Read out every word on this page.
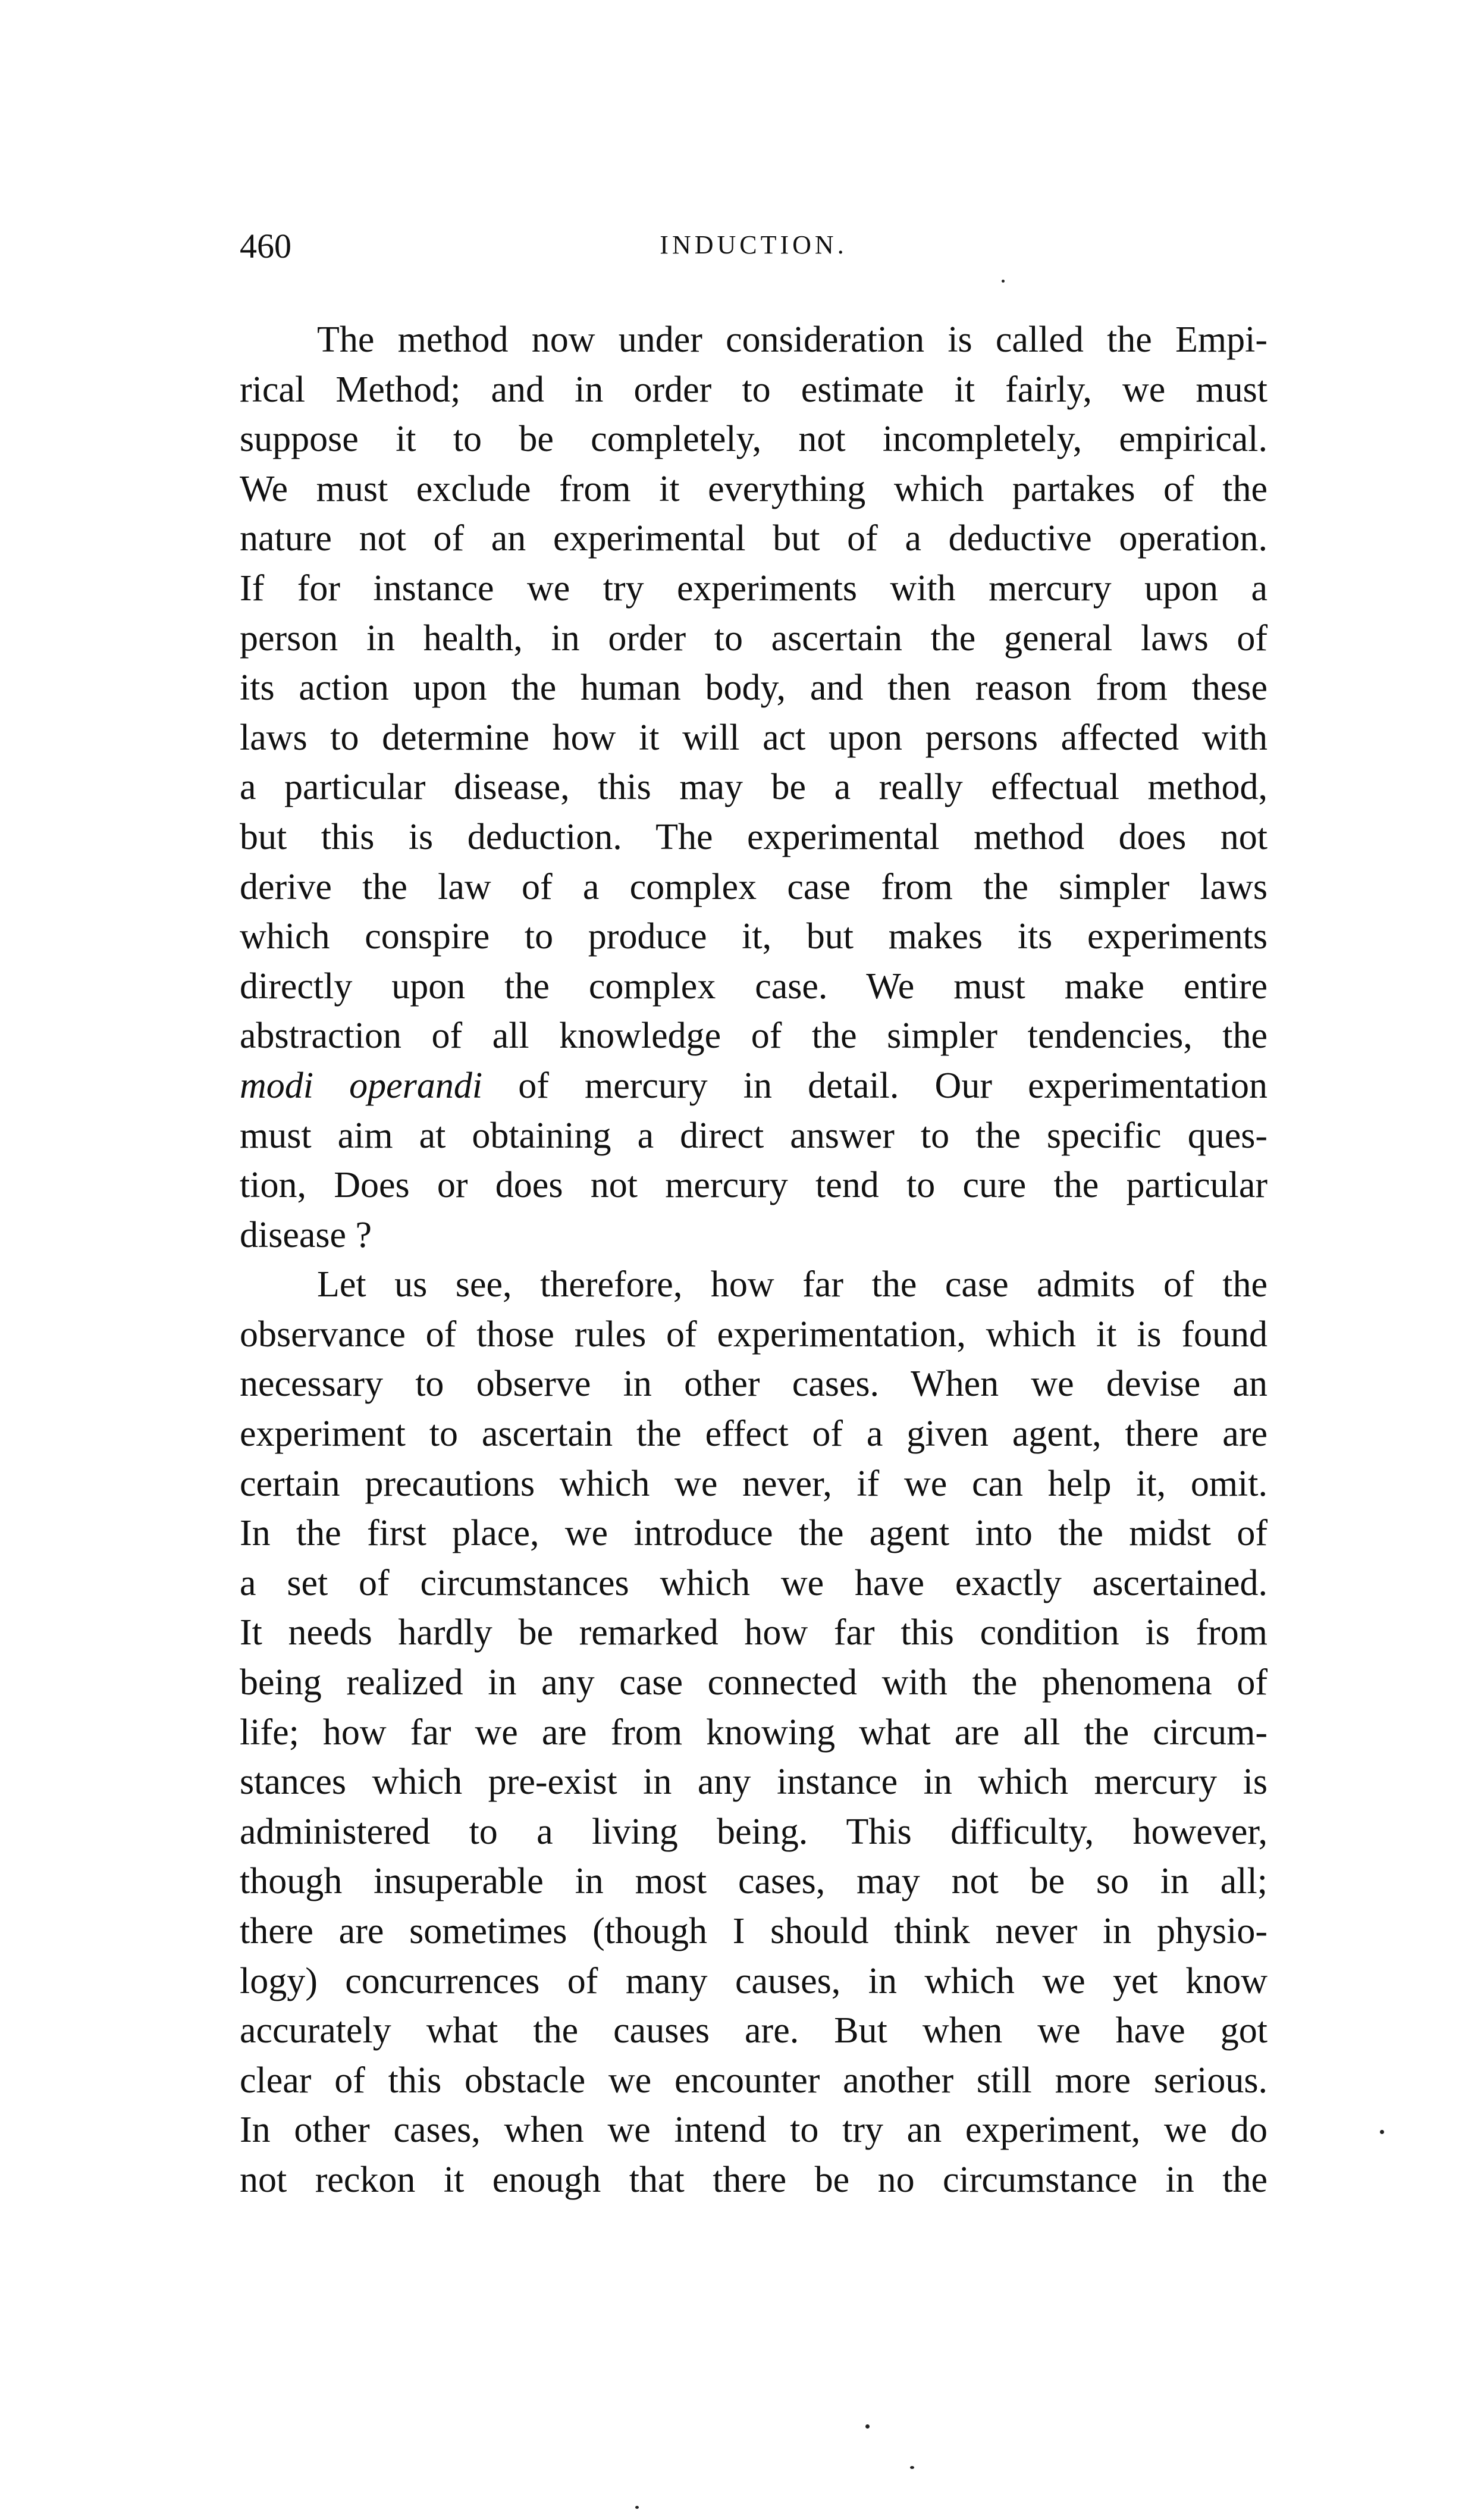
460	INDUCTION.
The method now under consideration is called the Empi-
rical Method; and in order to estimate it fairly, we must
suppose it to be completely, not incompletely, empirical.
We must exclude from it everything which partakes of the
nature not of an experimental but of a deductive operation.
If for instance we try experiments with mercury upon a
person in health, in order to ascertain the general laws of
its action upon the human body, and then reason from these
laws to determine how it will act upon persons affected with
a particular disease, this may be a really effectual method,
but this is deduction. The experimental method does not
derive the law of a complex case from the simpler laws
which conspire to produce it, but makes its experiments
directly upon the complex case. We must make entire
abstraction of all knowledge of the simpler tendencies, the
modi operandi of mercury in detail. Our experimentation
must aim at obtaining a direct answer to the specific ques-
tion, Does or does not mercury tend to cure the particular
disease ?
Let us see, therefore, how far the case admits of the
observance of those rules of experimentation, which it is found
necessary to observe in other cases. When we devise an
experiment to ascertain the effect of a given agent, there are
certain precautions which we never, if we can help it, omit.
In the first place, we introduce the agent into the midst of
a set of circumstances which we have exactly ascertained.
It needs hardly be remarked how far this condition is from
being realized in any case connected with the phenomena of
life; how far we are from knowing what are all the circum-
stances which pre-exist in any instance in which mercury is
administered to a living being. This difficulty, however,
though insuperable in most cases, may not be so in all;
there are sometimes (though I should think never in physio-
logy) concurrences of many causes, in which we yet know
accurately what the causes are. But when we have got
clear of this obstacle we encounter another still more serious.
In other cases, when we intend to try an experiment, we do
not reckon it enough that there be no circumstance in the
